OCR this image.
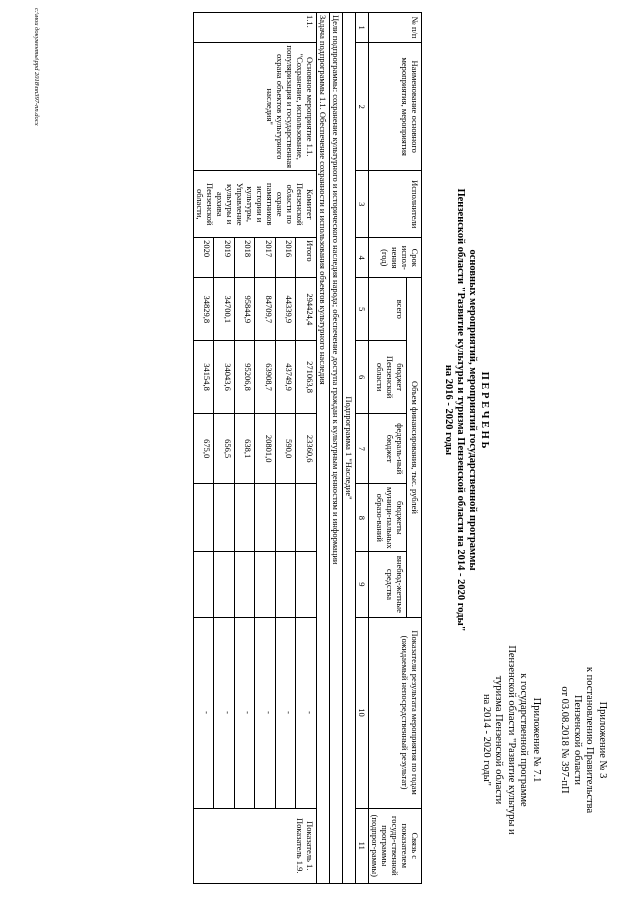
Приложение № 3
к постановлению Правительства
Пензенской области
от 03.08.2018 № 397-пП
Приложение № 7.1
к государственной программе
Пензенской области "Развитие культуры и
туризма Пензенской области
на 2014 - 2020 годы"
П Е Р Е Ч Е Н Ь
основных мероприятий, мероприятий государственной программы
Пензенской области "Развитие культуры и туризма Пензенской области на 2014 - 2020 годы"
на 2016 - 2020 годы
№ п/п	Наименование основного мероприятия, мероприятия	Исполнители	Срок испол-нения (год)	Объем финансирования, тыс. рублей					Показатели результата мероприятия по годам (ожидаемый непосредственный результат)	Связь с показателем госудр-ственной программы (подпрог-раммы)
				всего	бюджет Пензенской области	федераль-ный бюджет	бюджеты муници-пальных образо-ваний	внебюд-жетные средства		
1	2	3	4	5	6	7	8	9	10	11
Подпрограмма 1 "Наследие"										
Цели подпрограммы: сохранение культурного и исторического наследия народа; обеспечение доступа граждан к культурным ценностям и информации										
Задача подпрограммы 1.1. Обеспечение сохранности и использования объектов культурного наследия										
1.1.	Основное мероприятие 1.1. "Сохранение, использование, популяризация и государственная охрана объектов культурного наследия"	Комитет Пензенской области по охране памятников истории и культуры, Управление культуры и архива Пензенской области,	Итого	294424,4	271063,8	23360,6			-	Показатель 1. Показатель 1.9.
			2016	44339,9	43749,9	590,0			-	
			2017	84709,7	63908,7	20801,0			-	
			2018	95844,9	95206,8	638,1			-	
			2019	34700,1	34043,6	656,5			-	
			2020	34829,8	34154,8	675,0			-	
c:\мои документы\ppd 2018\пп397-пп.docx
